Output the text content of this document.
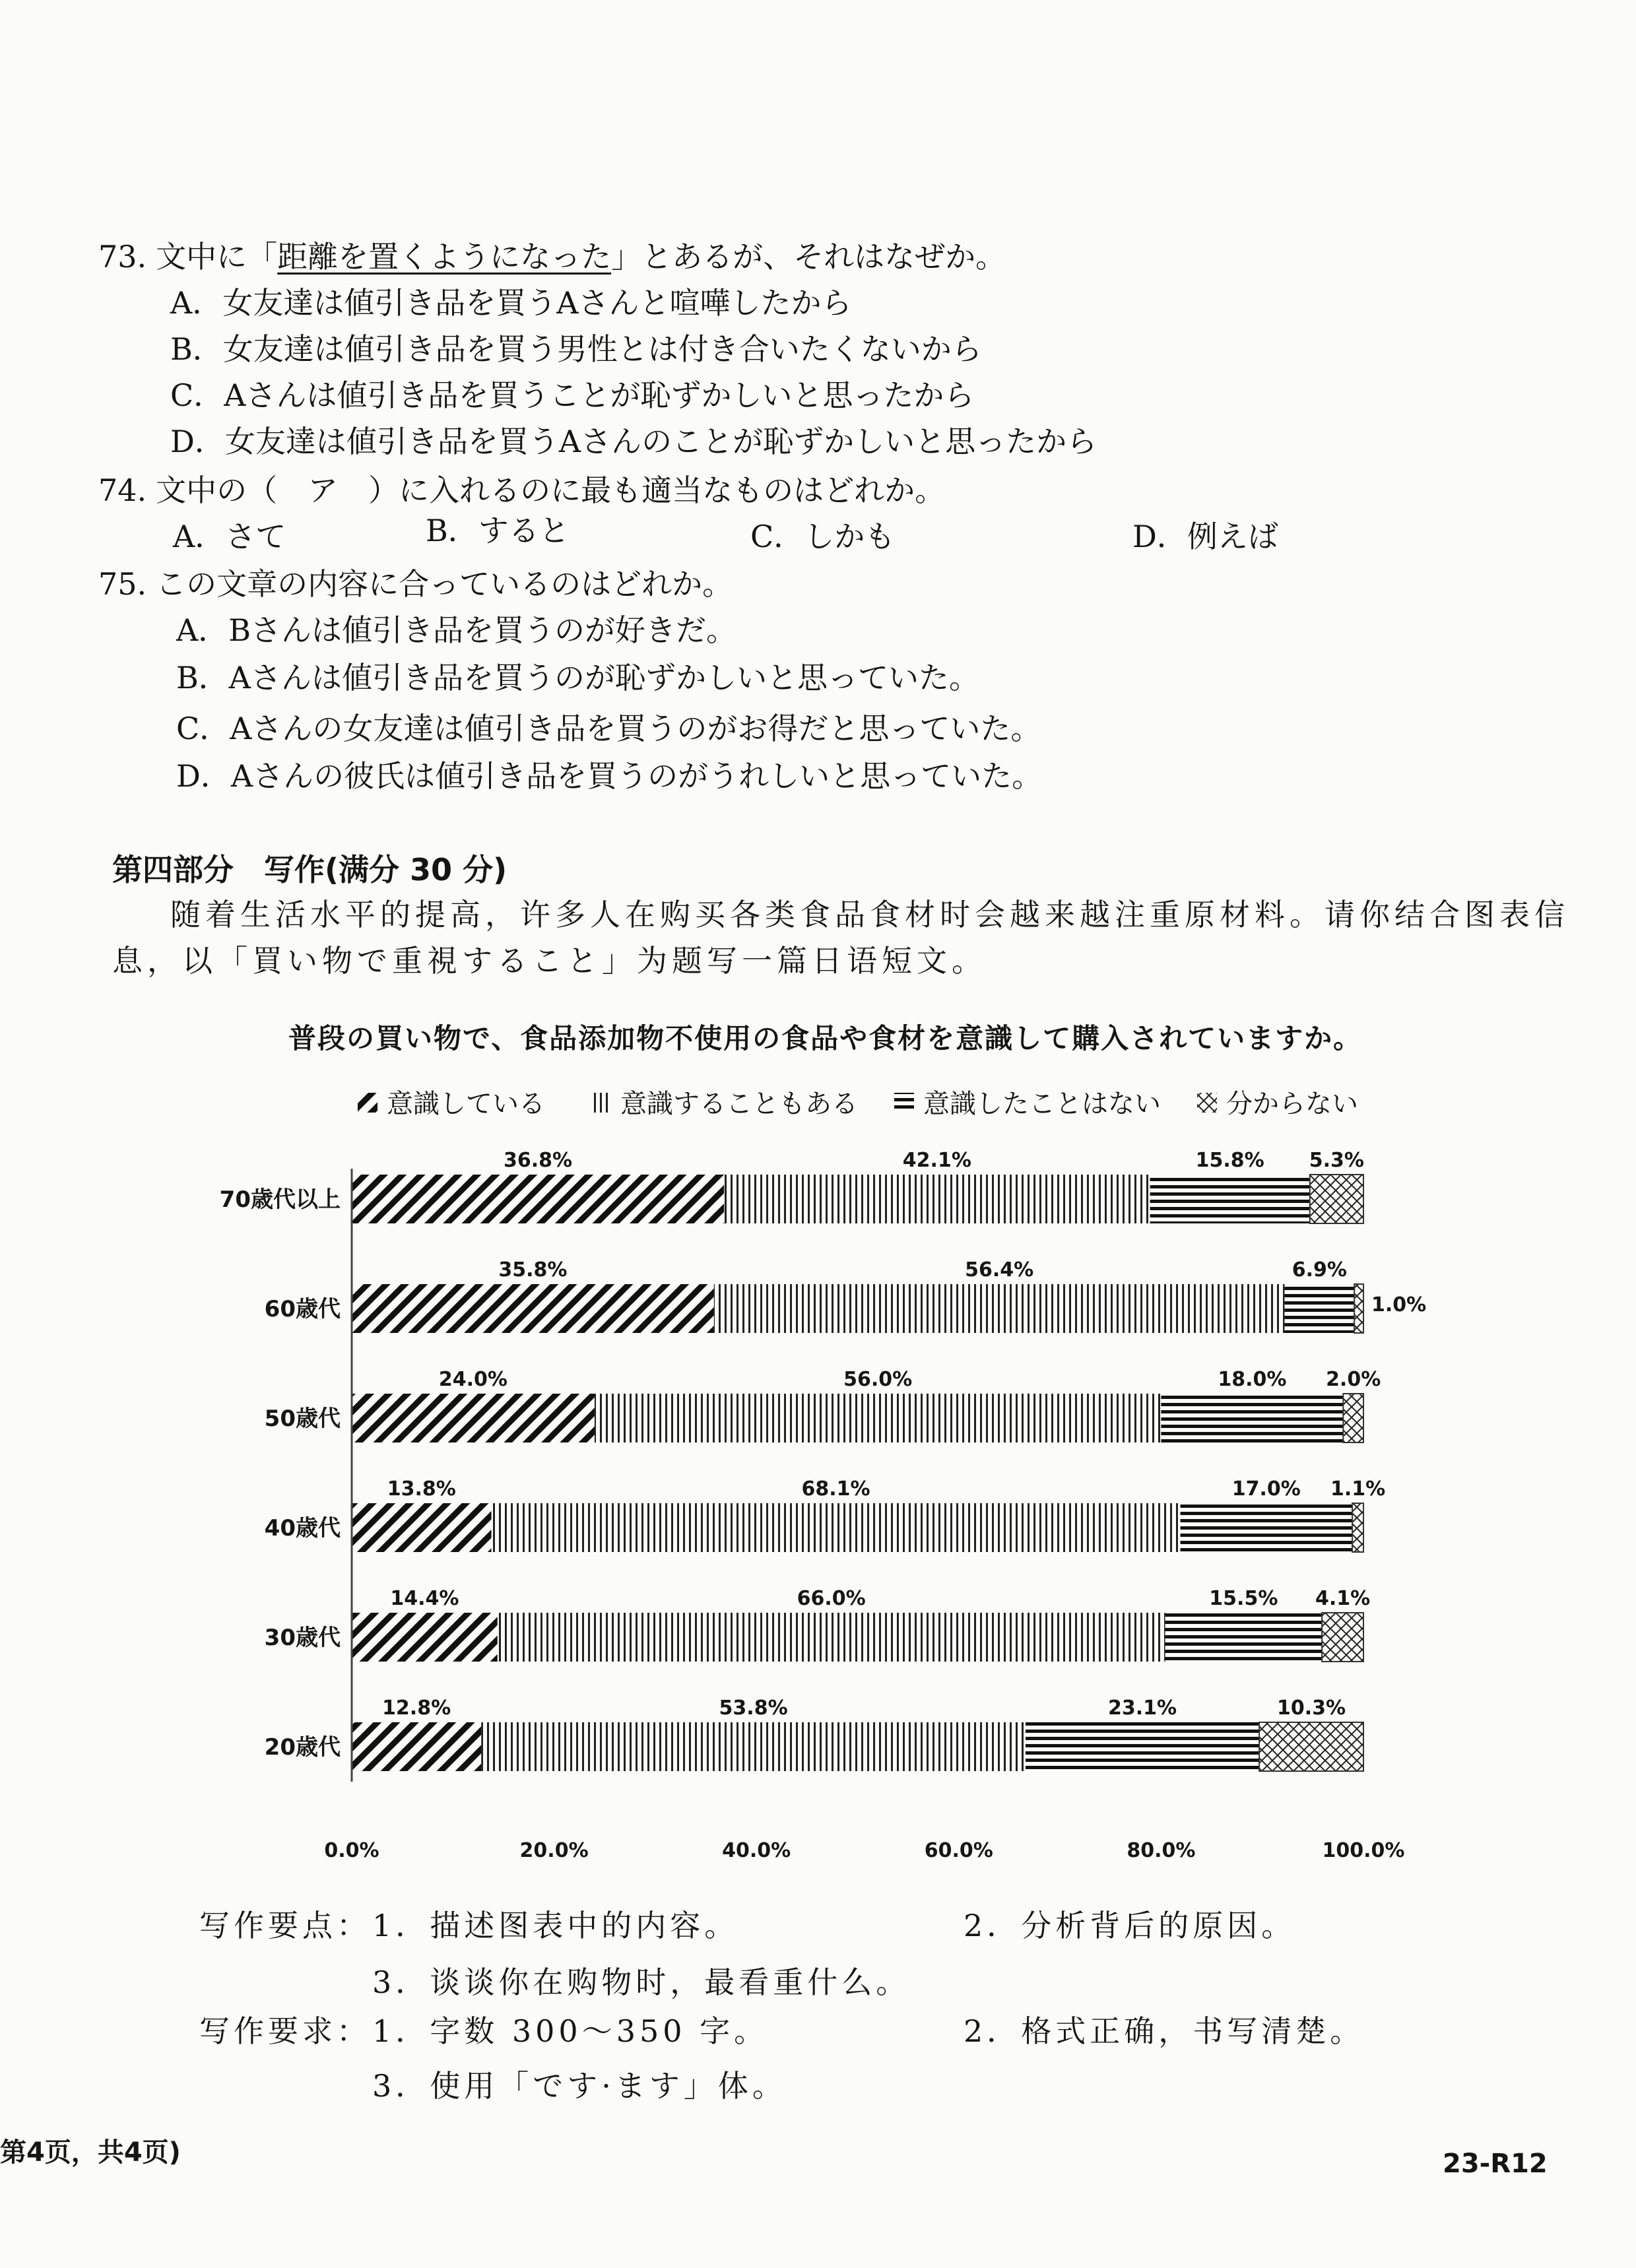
73. 文中に「距離を置くようになった」とあるが、それはなぜか。
A．女友達は値引き品を買うAさんと喧嘩したから
B．女友達は値引き品を買う男性とは付き合いたくないから
C．Aさんは値引き品を買うことが恥ずかしいと思ったから
D．女友達は値引き品を買うAさんのことが恥ずかしいと思ったから
74. 文中の（　ア　）に入れるのに最も適当なものはどれか。
A．さて	B．すると	C．しかも	D．例えば
75. この文章の内容に合っているのはどれか。
A．Bさんは値引き品を買うのが好きだ。
B．Aさんは値引き品を買うのが恥ずかしいと思っていた。
C．Aさんの女友達は値引き品を買うのがお得だと思っていた。
D．Aさんの彼氏は値引き品を買うのがうれしいと思っていた。
第四部分　写作(满分 30 分)
随着生活水平的提高，许多人在购买各类食品食材时会越来越注重原材料。请你结合图表信
息，以「買い物で重視すること」为题写一篇日语短文。
普段の買い物で、食品添加物不使用の食品や食材を意識して購入されていますか。
意識している	意識することもある 意識したことはない 分からない
70歳代以上
36.8%	42.1%	15.8% 5.3%
60歳代
35.8%	56.4%	6.9%
1.0%
50歳代
24.0%	56.0%	18.0% 2.0%
40歳代
13.8%	68.1%	17.0% 1.1%
30歳代
14.4%	66.0%	15.5% 4.1%
20歳代
12.8%	53.8%	23.1%	10.3%
0.0%	20.0%	40.0%	60.0%	80.0%	100.0%
写作要点： 1．描述图表中的内容。	2．分析背后的原因。
3．谈谈你在购物时，最看重什么。
写作要求： 1．字数 300～350 字。	2．格式正确，书写清楚。
3．使用「です·ます」体。
第4页，共4页)	23-R12
